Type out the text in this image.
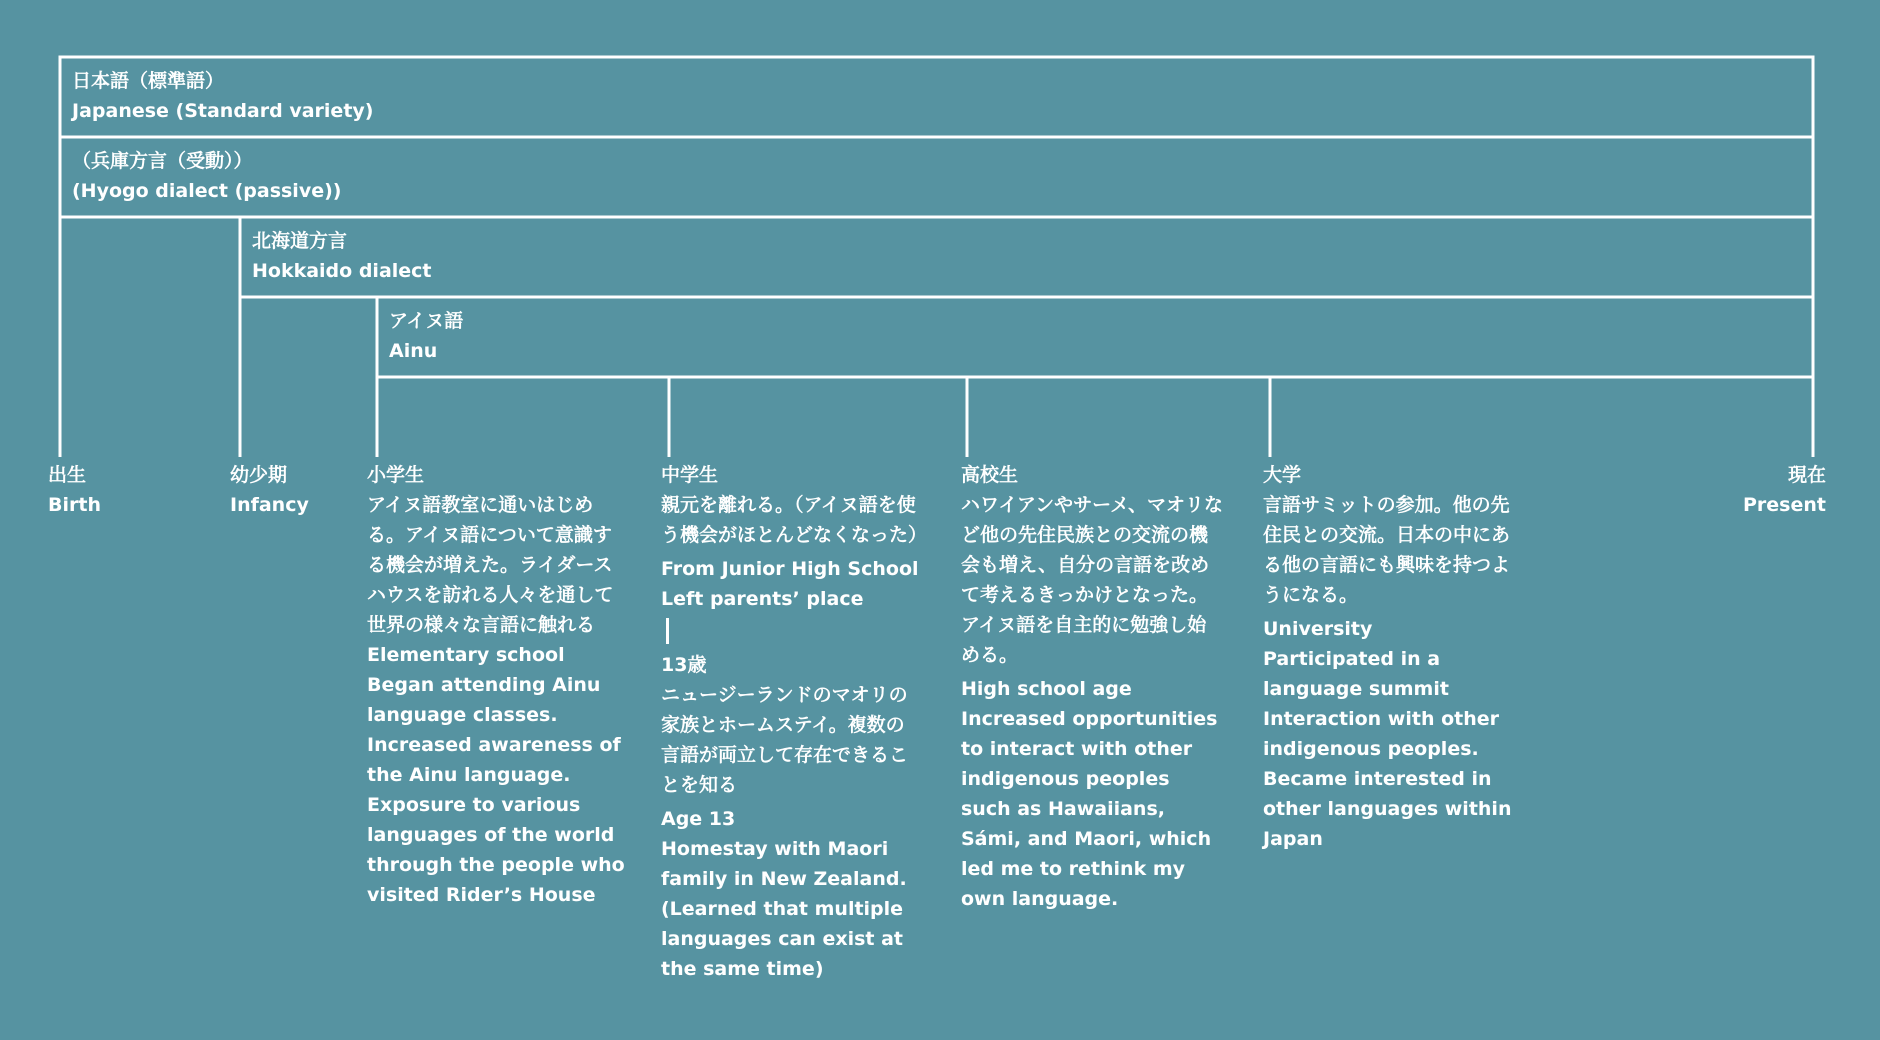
日本語（標準語）
Japanese (Standard variety)
（兵庫方言（受動））
(Hyogo dialect (passive))
北海道方言
Hokkaido dialect
アイヌ語
Ainu
出生
Birth
幼少期
Infancy
小学生
アイヌ語教室に通いはじめる。アイヌ語について意識する機会が増えた。ライダースハウスを訪れる人々を通して世界の様々な言語に触れる
Elementary school
Began attending Ainu language classes. Increased awareness of the Ainu language. Exposure to various languages of the world through the people who visited Rider’s House
中学生
親元を離れる。（アイヌ語を使う機会がほとんどなくなった）
From Junior High School
Left parents’ place
13歳
ニュージーランドのマオリの家族とホームステイ。複数の言語が両立して存在できることを知る
Age 13
Homestay with Maori family in New Zealand. (Learned that multiple languages can exist at the same time)
高校生
ハワイアンやサーメ、マオリなど他の先住民族との交流の機会も増え、自分の言語を改めて考えるきっかけとなった。アイヌ語を自主的に勉強し始める。
High school age
Increased opportunities to interact with other indigenous peoples such as Hawaiians, Sámi, and Maori, which led me to rethink my own language.
大学
言語サミットの参加。他の先住民との交流。日本の中にある他の言語にも興味を持つようになる。
University
Participated in a language summit Interaction with other indigenous peoples. Became interested in other languages within Japan
現在
Present
